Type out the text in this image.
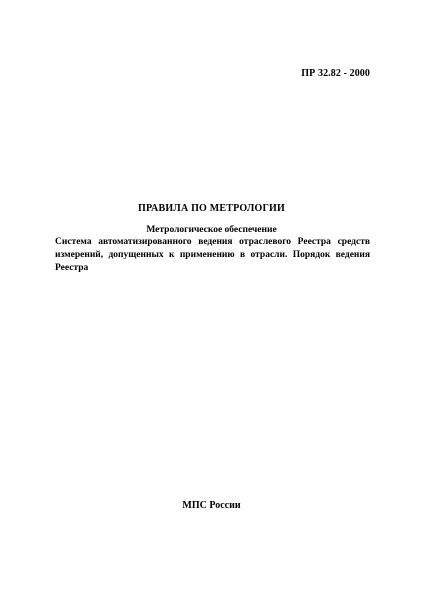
ПР 32.82 - 2000
ПРАВИЛА ПО МЕТРОЛОГИИ
Метрологическое обеспечение

Система автоматизированного ведения отраслевого Реестра средств измерений, допущенных к применению в отрасли. Порядок ведения Реестра

МПС России
